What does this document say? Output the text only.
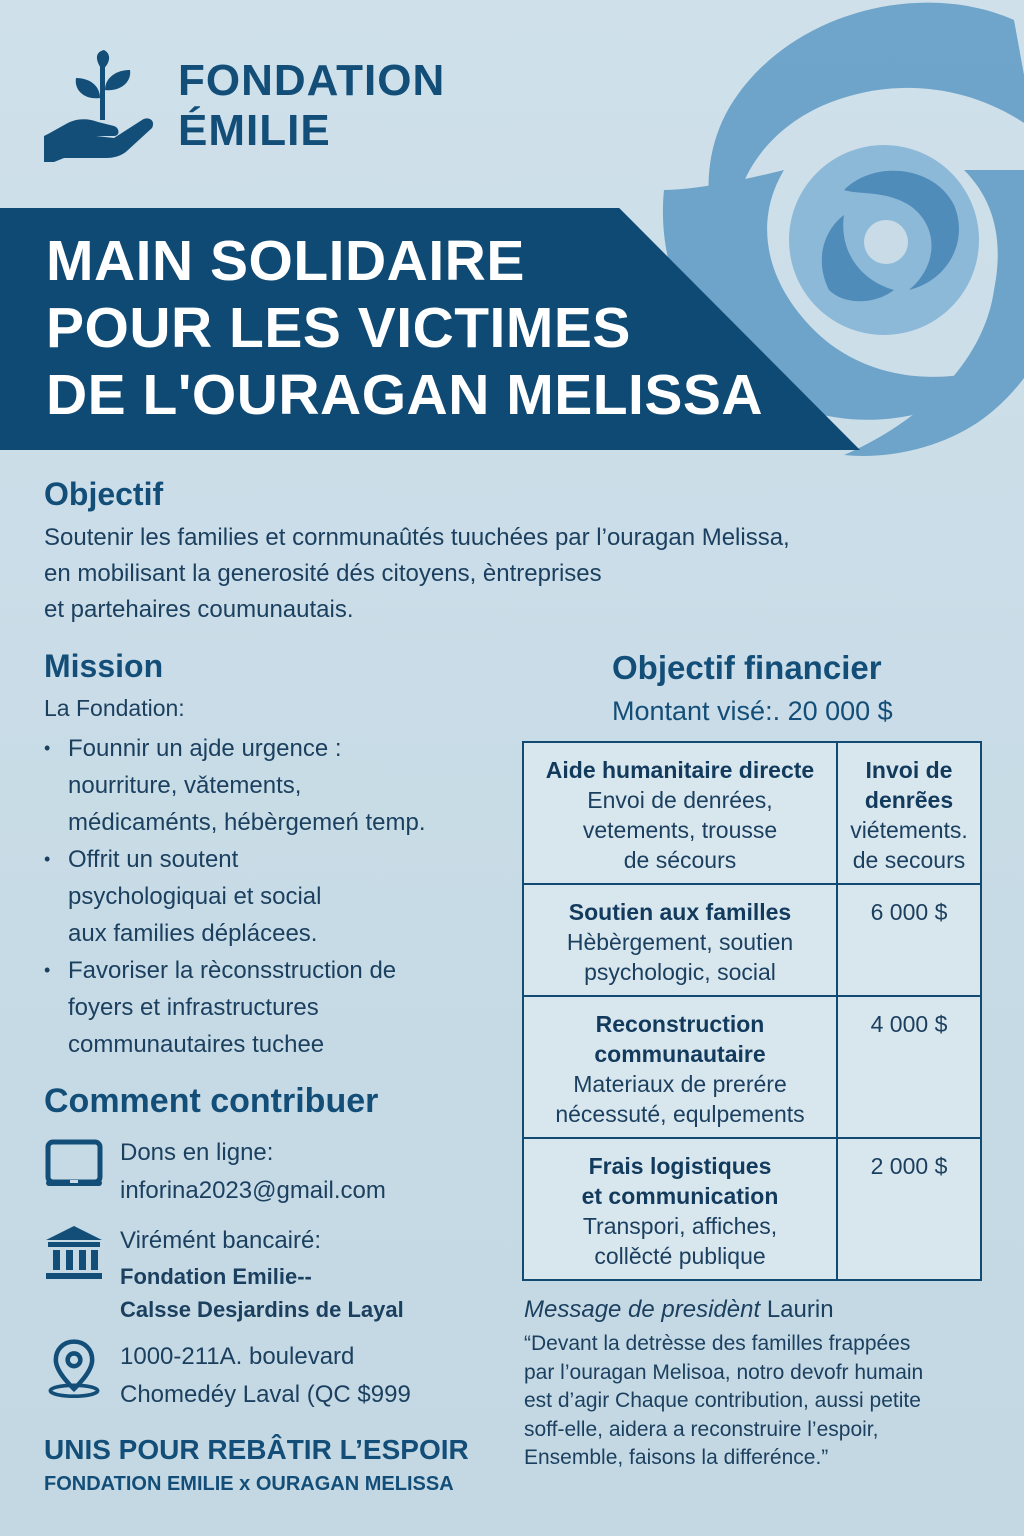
FONDATION
ÉMILIE
MAIN SOLIDAIRE
POUR LES VICTIMES
DE L'OURAGAN MELISSA
Objectif

Soutenir les families et cornmunaûtés tuuchées par l’ouragan Melissa,
en mobilisant la generosité dés citoyens, èntreprises
et partehaires coumunautais.

Mission
La Fondation:
• Founnir un ajde urgence :
nourriture, vǎtements,
médicaménts, hébèrgemeń temp.
• Offrit un soutent
psychologiquai et social
aux families déplácees.
• Favoriser la rèconsstruction de
foyers et infrastructures
communautaires tuchee
Comment contribuer
Dons en ligne:
inforina2023@gmail.com
Virémént bancairé:
Fondation Emilie--
Calsse Desjardins de Layal
1000-211A. boulevard
Chomedéy Laval (QC $999
UNIS POUR REBÂTIR L’ESPOIR
FONDATION EMILIE x OURAGAN MELISSA
Objectif financier
Montant visé:. 20 000 $
Aide humanitaire directe
Envoi de denrées,
vetements, trousse
de sécours	Invoi de
denrẽes
viétements.
de secours

Soutien aux familles
Hèbèrgement, soutien
psychologic, social	6 000 $

Reconstruction
communautaire
Materiaux de prerére
nécessuté, equlpements	4 000 $

Frais logistiques
et communication
Transpori, affiches,
collěcté publique	2 000 $
Message de presidènt Laurin
“Devant la detrèsse des familles frappées
par l’ouragan Melisoa, notro devofr humain
est d’agir Chaque contribution, aussi petite
soff-elle, aidera a reconstruire l’espoir,
Ensemble, faisons la differénce.”
